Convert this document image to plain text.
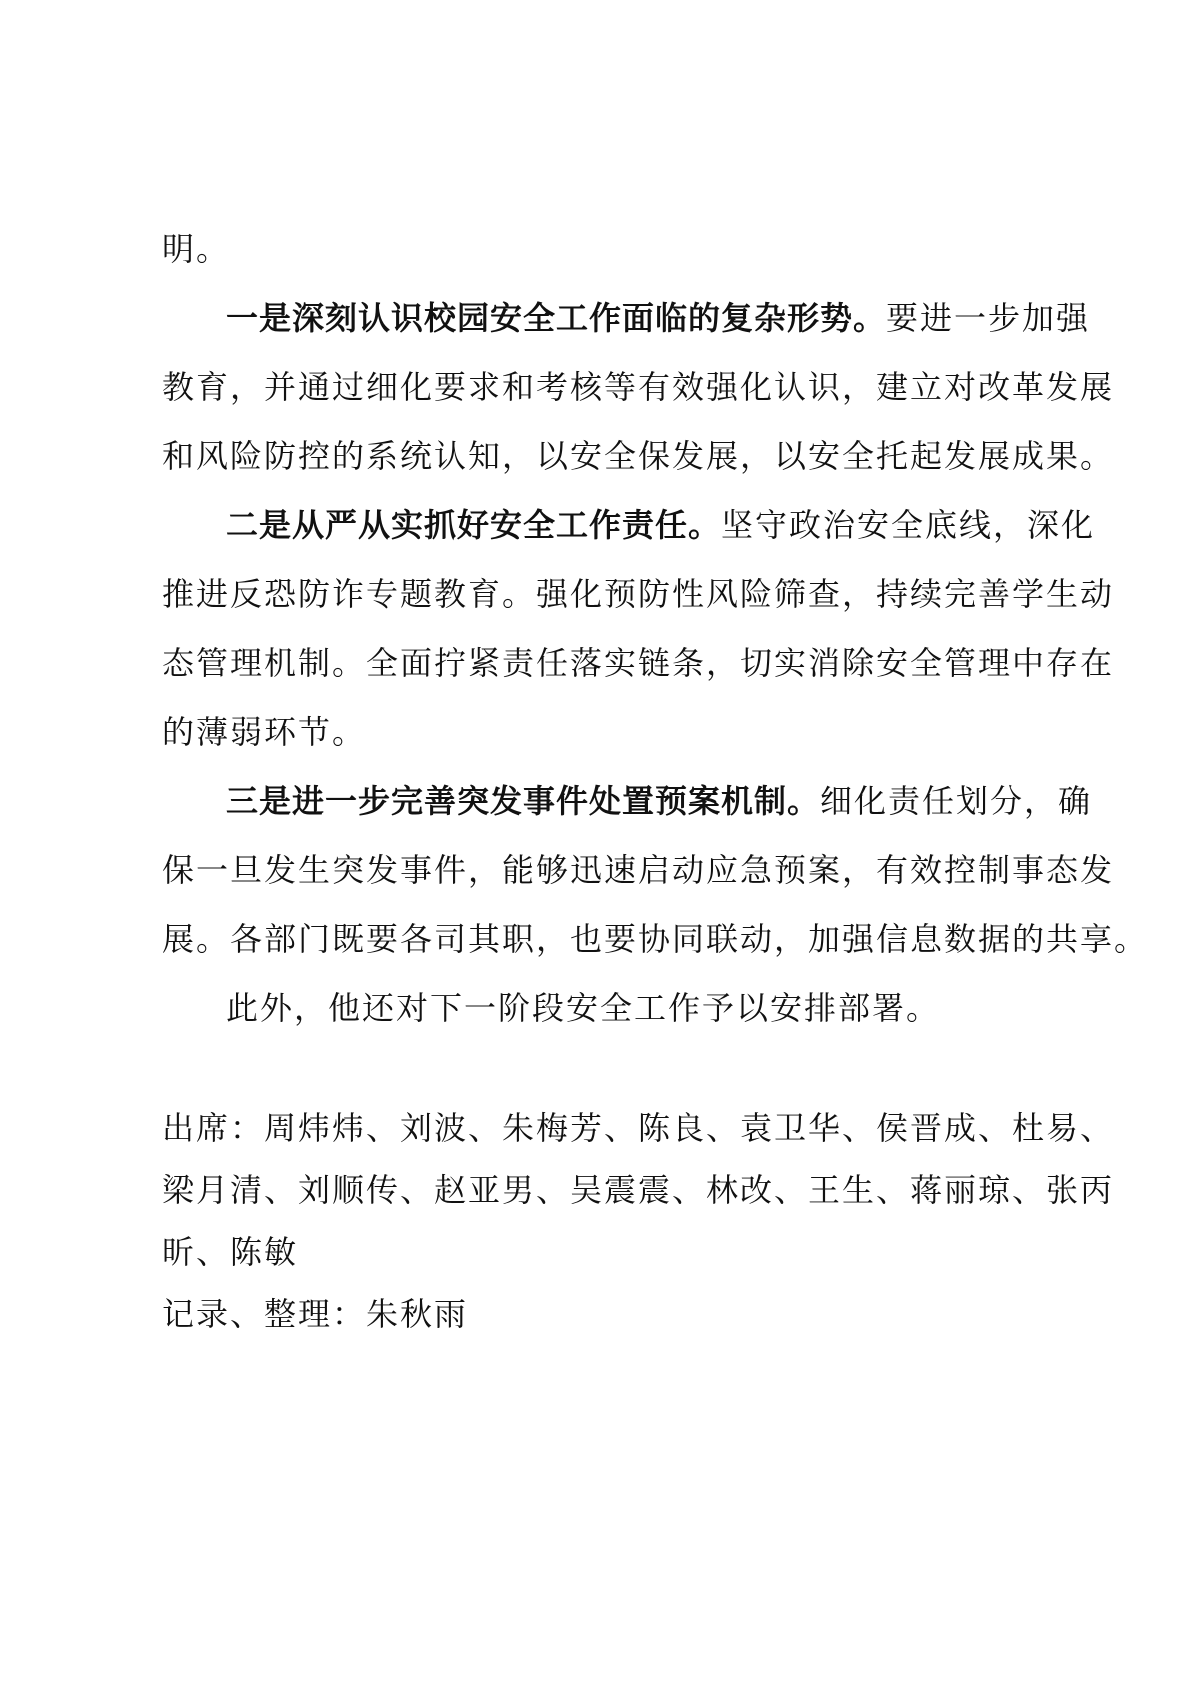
明。
一是深刻认识校园安全工作面临的复杂形势。要进一步加强
教育，并通过细化要求和考核等有效强化认识，建立对改革发展
和风险防控的系统认知，以安全保发展，以安全托起发展成果。
二是从严从实抓好安全工作责任。坚守政治安全底线，深化
推进反恐防诈专题教育。强化预防性风险筛查，持续完善学生动
态管理机制。全面拧紧责任落实链条，切实消除安全管理中存在
的薄弱环节。
三是进一步完善突发事件处置预案机制。细化责任划分，确
保一旦发生突发事件，能够迅速启动应急预案，有效控制事态发
展。各部门既要各司其职，也要协同联动，加强信息数据的共享。
此外，他还对下一阶段安全工作予以安排部署。
出席：周炜炜、刘波、朱梅芳、陈良、袁卫华、侯晋成、杜易、
梁月清、刘顺传、赵亚男、吴震震、林改、王生、蒋丽琼、张丙
昕、陈敏
记录、整理：朱秋雨
